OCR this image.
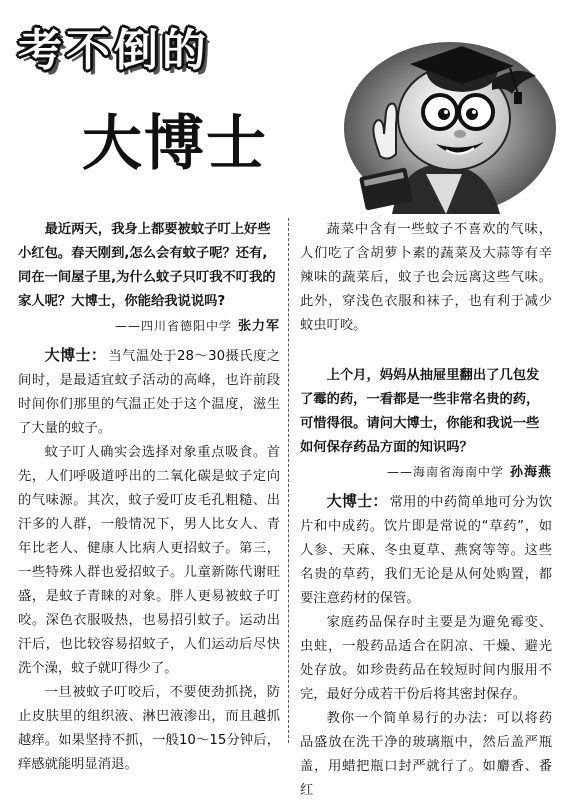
考不倒的
大博士

最近两天，我身上都要被蚊子叮上好些小红包。春天刚到,怎么会有蚊子呢？还有,同在一间屋子里,为什么蚊子只叮我不叮我的家人呢？大博士，你能给我说说吗?

——四川省德阳中学 张力军

大博士： 当气温处于28～30摄氏度之间时，是最适宜蚊子活动的高峰，也许前段时间你们那里的气温正处于这个温度，滋生了大量的蚊子。

蚊子叮人确实会选择对象重点吸食。首先，人们呼吸道呼出的二氧化碳是蚊子定向的气味源。其次，蚊子爱叮皮毛孔粗糙、出汗多的人群，一般情况下，男人比女人、青年比老人、健康人比病人更招蚊子。第三，一些特殊人群也爱招蚊子。儿童新陈代谢旺盛，是蚊子青睐的对象。胖人更易被蚊子叮咬。深色衣服吸热，也易招引蚊子。运动出汗后，也比较容易招蚊子，人们运动后尽快洗个澡，蚊子就叮得少了。

一旦被蚊子叮咬后，不要使劲抓挠，防止皮肤里的组织液、淋巴液渗出，而且越抓越痒。如果坚持不抓，一般10～15分钟后，痒感就能明显消退。

蔬菜中含有一些蚊子不喜欢的气味，人们吃了含胡萝卜素的蔬菜及大蒜等有辛辣味的蔬菜后，蚊子也会远离这些气味。此外，穿浅色衣服和袜子，也有利于减少蚊虫叮咬。

上个月，妈妈从抽屉里翻出了几包发了霉的药，一看都是一些非常名贵的药，可惜得很。请问大博士，你能和我说一些如何保存药品方面的知识吗？

——海南省海南中学 孙海燕

大博士： 常用的中药简单地可分为饮片和中成药。饮片即是常说的“草药”，如人参、天麻、冬虫夏草、燕窝等等。这些名贵的草药，我们无论是从何处购置，都要注意药材的保管。

家庭药品保存时主要是为避免霉变、虫蛀，一般药品适合在阴凉、干燥、避光处存放。如珍贵药品在较短时间内服用不完，最好分成若干份后将其密封保存。

教你一个简单易行的办法：可以将药品盛放在洗干净的玻璃瓶中，然后盖严瓶盖，用蜡把瓶口封严就行了。如麝香、番红
